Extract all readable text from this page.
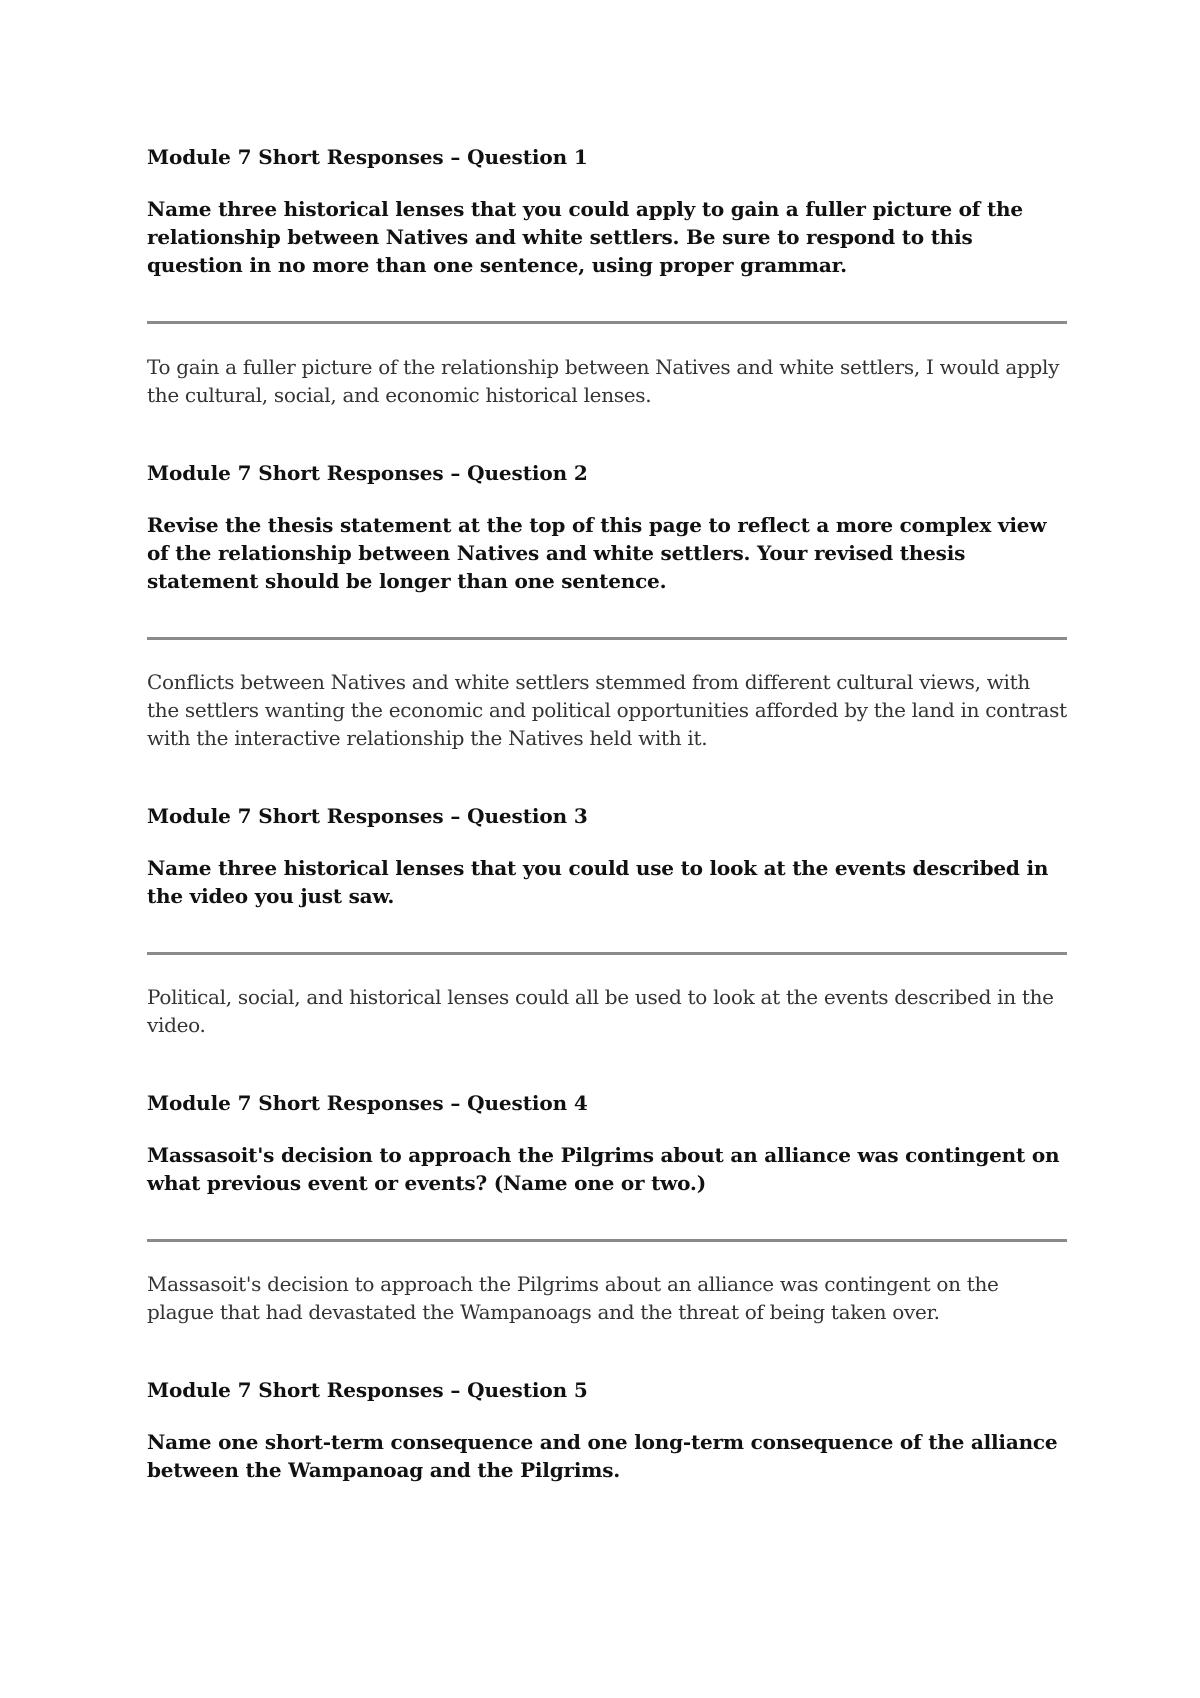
Module 7 Short Responses – Question 1

Name three historical lenses that you could apply to gain a fuller picture of the relationship between Natives and white settlers. Be sure to respond to this question in no more than one sentence, using proper grammar.

To gain a fuller picture of the relationship between Natives and white settlers, I would apply the cultural, social, and economic historical lenses.

Module 7 Short Responses – Question 2

Revise the thesis statement at the top of this page to reflect a more complex view of the relationship between Natives and white settlers. Your revised thesis statement should be longer than one sentence.

Conflicts between Natives and white settlers stemmed from different cultural views, with the settlers wanting the economic and political opportunities afforded by the land in contrast with the interactive relationship the Natives held with it.

Module 7 Short Responses – Question 3

Name three historical lenses that you could use to look at the events described in the video you just saw.

Political, social, and historical lenses could all be used to look at the events described in the video.

Module 7 Short Responses – Question 4

Massasoit's decision to approach the Pilgrims about an alliance was contingent on what previous event or events? (Name one or two.)

Massasoit's decision to approach the Pilgrims about an alliance was contingent on the plague that had devastated the Wampanoags and the threat of being taken over.

Module 7 Short Responses – Question 5

Name one short-term consequence and one long-term consequence of the alliance between the Wampanoag and the Pilgrims.
